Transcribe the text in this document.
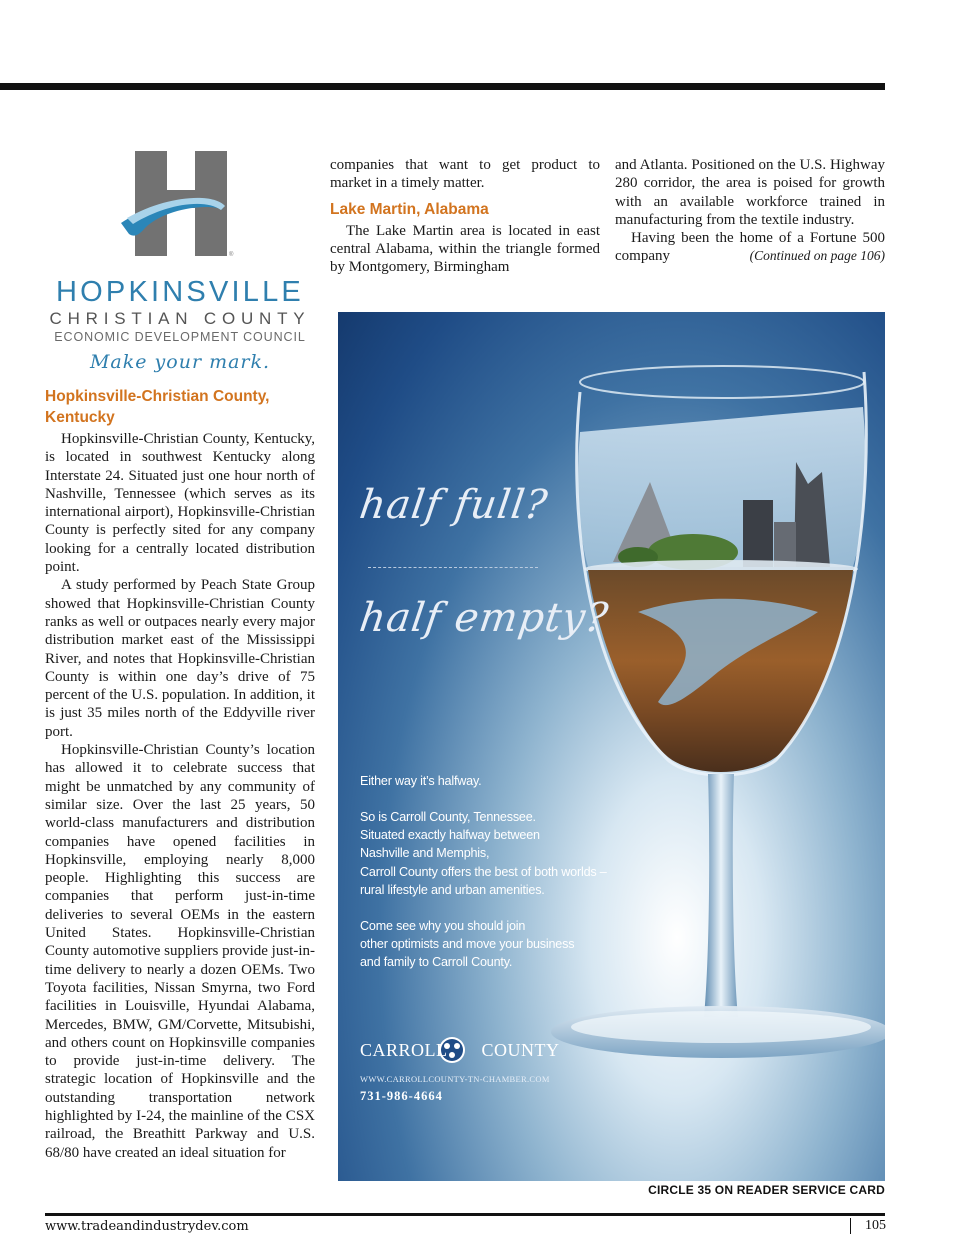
®
HOPKINSVILLE
CHRISTIAN COUNTY
ECONOMIC DEVELOPMENT COUNCIL
Make your mark.
Hopkinsville-Christian County, Kentucky

Hopkinsville-Christian County, Kentucky, is located in southwest Kentucky along Interstate 24. Situated just one hour north of Nashville, Tennessee (which serves as its international airport), Hopkinsville-Christian County is perfectly sited for any company looking for a centrally located distribution point.

A study performed by Peach State Group showed that Hopkinsville-Christian County ranks as well or outpaces nearly every major distribution market east of the Mississippi River, and notes that Hopkinsville-Christian County is within one day’s drive of 75 percent of the U.S. population. In addition, it is just 35 miles north of the Eddyville river port.

Hopkinsville-Christian County’s location has allowed it to celebrate success that might be unmatched by any community of similar size. Over the last 25 years, 50 world-class manufacturers and distribution companies have opened facilities in Hopkinsville, employing nearly 8,000 people. Highlighting this success are companies that perform just-in-time deliveries to several OEMs in the eastern United States. Hopkinsville-Christian County automotive suppliers provide just-in-time delivery to nearly a dozen OEMs. Two Toyota facilities, Nissan Smyrna, two Ford facilities in Louisville, Hyundai Alabama, Mercedes, BMW, GM/Corvette, Mitsubishi, and others count on Hopkinsville companies to provide just-in-time delivery. The strategic location of Hopkinsville and the outstanding transportation network highlighted by I-24, the mainline of the CSX railroad, the Breathitt Parkway and U.S. 68/80 have created an ideal situation for

companies that want to get product to market in a timely matter.

Lake Martin, Alabama

The Lake Martin area is located in east central Alabama, within the triangle formed by Montgomery, Birmingham

and Atlanta. Positioned on the U.S. Highway 280 corridor, the area is poised for growth with an available workforce trained in manufacturing from the textile industry.

Having been the home of a Fortune 500 company	(Continued on page 106)

half full?
half empty?
Either way it’s halfway.
So is Carroll County, Tennessee.
Situated exactly halfway between
Nashville and Memphis,
Carroll County offers the best of both worlds –
rural lifestyle and urban amenities.
Come see why you should join
other optimists and move your business
and family to Carroll County.
CARROLL COUNTY
WWW.CARROLLCOUNTY-TN-CHAMBER.COM
731-986-4664
CIRCLE 35 ON READER SERVICE CARD
www.tradeandindustrydev.com	105
